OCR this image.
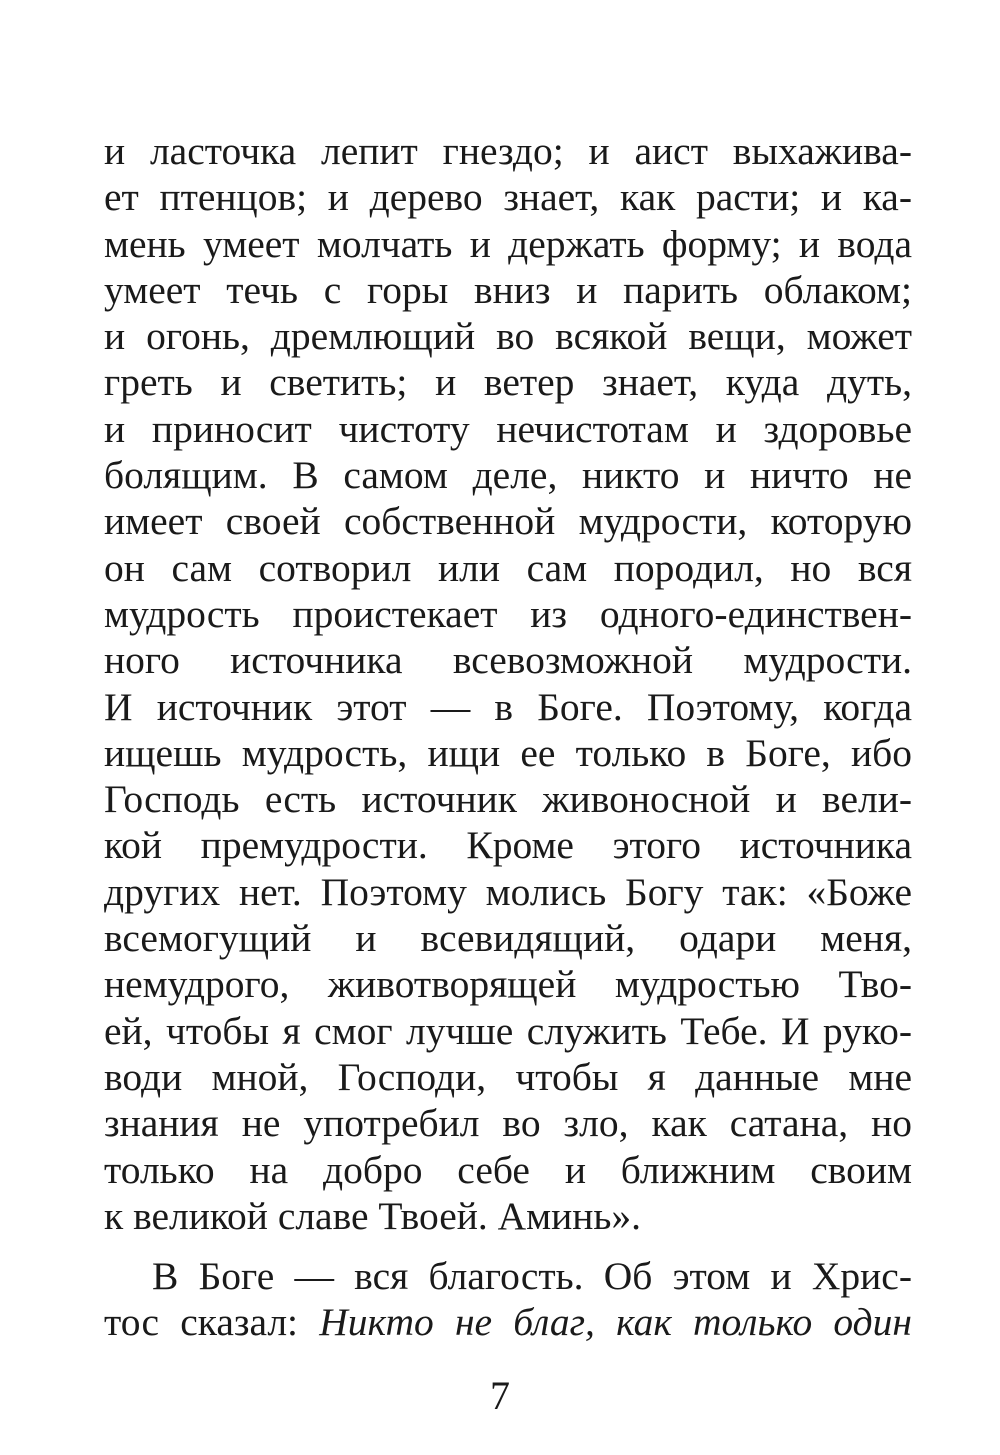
и ласточка лепит гнездо; и аист выхажива-
ет птенцов; и дерево знает, как расти; и ка-
мень умеет молчать и держать форму; и вода
умеет течь с горы вниз и парить облаком;
и огонь, дремлющий во всякой вещи, может
греть и светить; и ветер знает, куда дуть,
и приносит чистоту нечистотам и здоровье
болящим. В самом деле, никто и ничто не
имеет своей собственной мудрости, которую
он сам сотворил или сам породил, но вся
мудрость проистекает из одного-единствен-
ного источника всевозможной мудрости.
И источник этот — в Боге. Поэтому, когда
ищешь мудрость, ищи ее только в Боге, ибо
Господь есть источник живоносной и вели-
кой премудрости. Кроме этого источника
других нет. Поэтому молись Богу так: «Боже
всемогущий и всевидящий, одари меня,
немудрого, животворящей мудростью Тво-
ей, чтобы я смог лучше служить Тебе. И руко-
води мной, Господи, чтобы я данные мне
знания не употребил во зло, как сатана, но
только на добро себе и ближним своим
к великой славе Твоей. Аминь».
В Боге — вся благость. Об этом и Хрис-
тос сказал: Никто не благ, как только один
7
